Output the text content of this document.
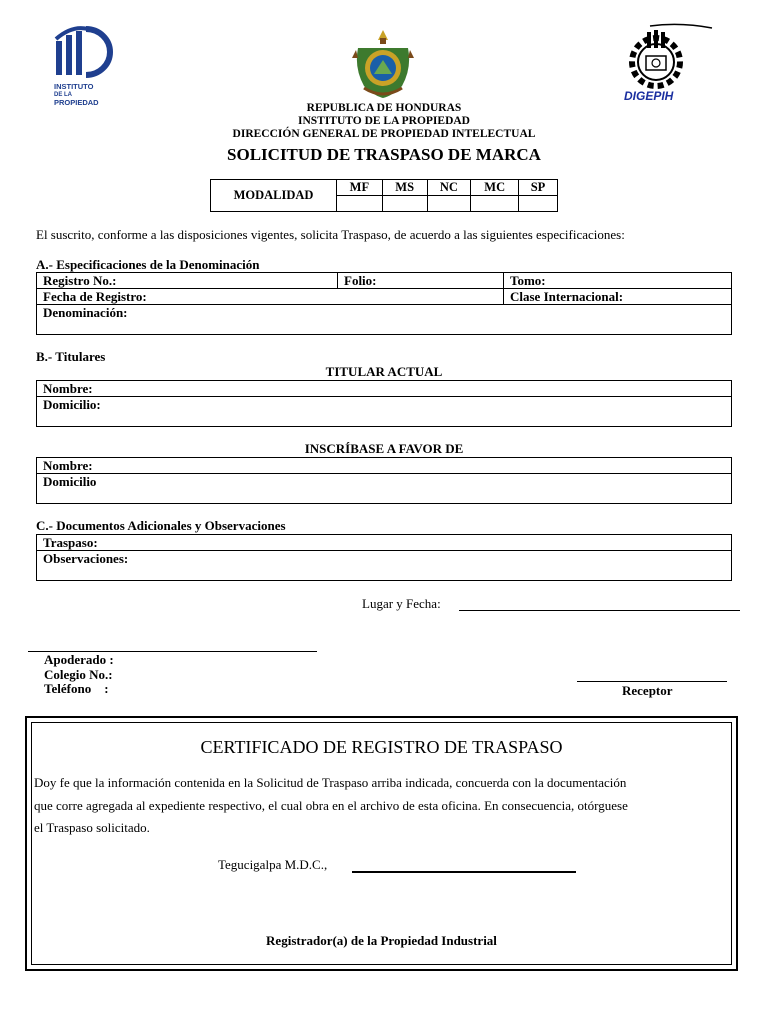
INSTITUTO
DE LA
PROPIEDAD	DIGEPIH
REPUBLICA DE HONDURAS
INSTITUTO DE LA PROPIEDAD
DIRECCIÓN GENERAL DE PROPIEDAD INTELECTUAL
SOLICITUD DE TRASPASO DE MARCA
MODALIDAD	MF	MS	NC	MC	SP

El suscrito, conforme a las disposiciones vigentes, solicita Traspaso, de acuerdo a las siguientes especificaciones:
A.- Especificaciones de la Denominación
Registro No.:	Folio:	Tomo:
Fecha de Registro:		Clase Internacional:
Denominación:		
B.- Titulares
TITULAR ACTUAL
Nombre:
Domicilio:
INSCRÍBASE A FAVOR DE
Nombre:
Domicilio
C.- Documentos Adicionales y Observaciones
Traspaso:
Observaciones:
Lugar y Fecha:
Apoderado :
Colegio No.:
Teléfono    :	Receptor
CERTIFICADO DE REGISTRO DE TRASPASO
Doy fe que la información contenida en la Solicitud de Traspaso arriba indicada, concuerda con la documentación
que corre agregada al expediente respectivo, el cual obra en el archivo de esta oficina. En consecuencia, otórguese
el Traspaso solicitado.
Tegucigalpa M.D.C.,
Registrador(a) de la Propiedad Industrial
